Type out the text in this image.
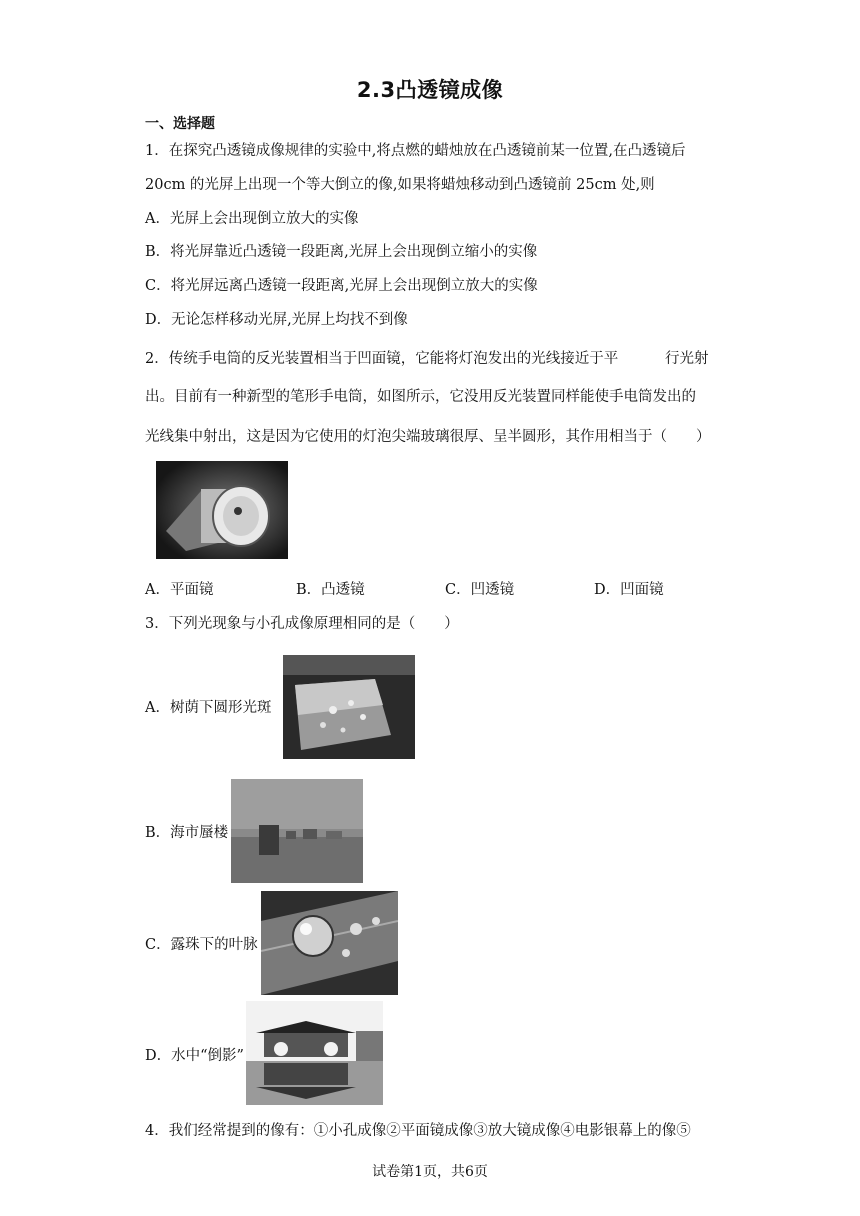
2.3凸透镜成像
一、选择题
1．在探究凸透镜成像规律的实验中,将点燃的蜡烛放在凸透镜前某一位置,在凸透镜后
20cm 的光屏上出现一个等大倒立的像,如果将蜡烛移动到凸透镜前 25cm 处,则
A．光屏上会出现倒立放大的实像
B．将光屏靠近凸透镜一段距离,光屏上会出现倒立缩小的实像
C．将光屏远离凸透镜一段距离,光屏上会出现倒立放大的实像
D．无论怎样移动光屏,光屏上均找不到像
2．传统手电筒的反光装置相当于凹面镜，它能将灯泡发出的光线接近于平	行光射
出。目前有一种新型的笔形手电筒，如图所示，它没用反光装置同样能使手电筒发出的
光线集中射出，这是因为它使用的灯泡尖端玻璃很厚、呈半圆形，其作用相当于（　　）
A．平面镜	B．凸透镜	C．凹透镜	D．凹面镜
3．下列光现象与小孔成像原理相同的是（　　）
A．树荫下圆形光斑
B．海市蜃楼
C．露珠下的叶脉
D．水中“倒影”
4．我们经常提到的像有：①小孔成像②平面镜成像③放大镜成像④电影银幕上的像⑤
试卷第1页，共6页
